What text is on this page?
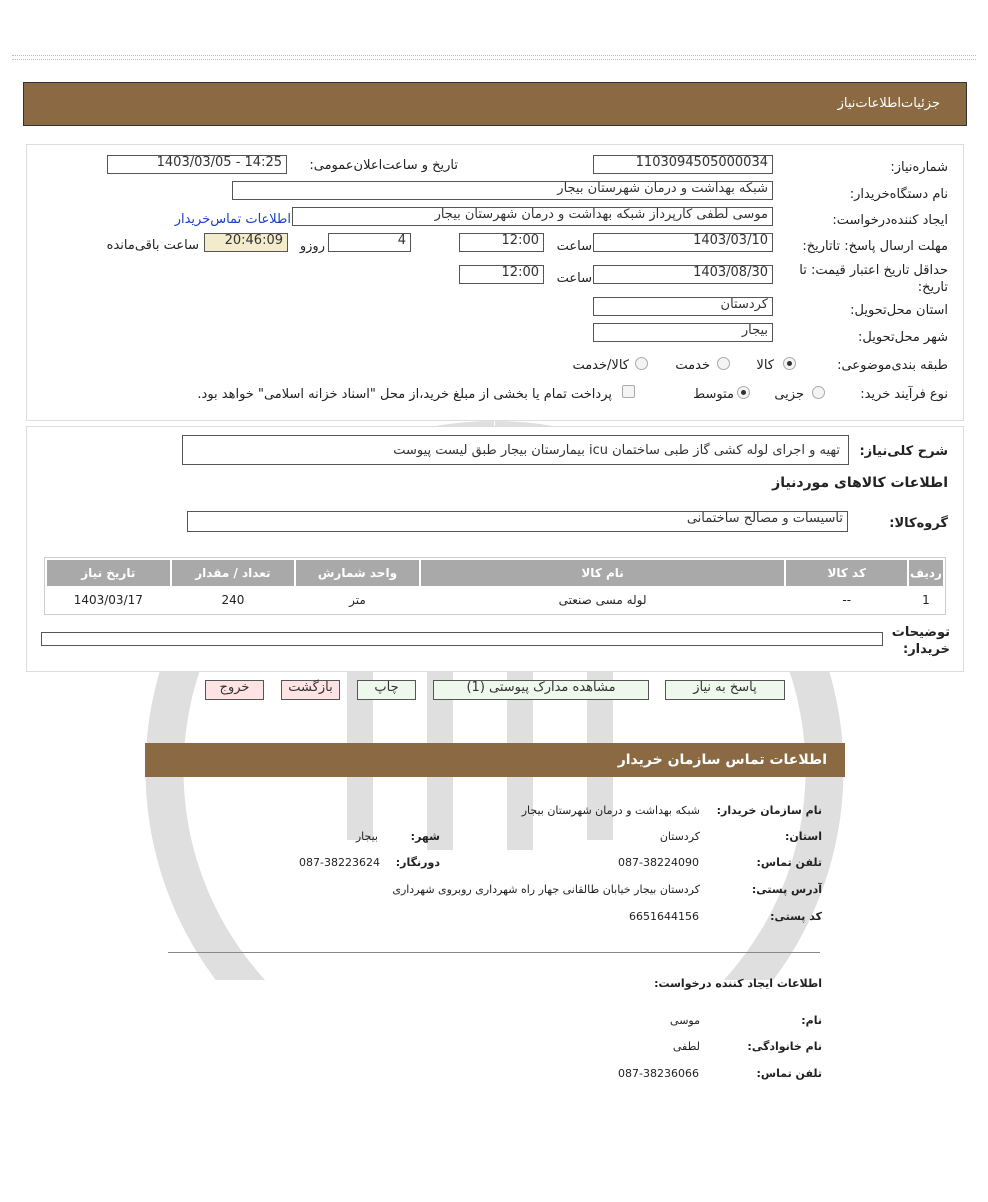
جزئیات‌اطلاعات‌نیاز
شماره‌نیاز:
1103094505000034
تاریخ و ساعت‌اعلان‌عمومی:
1403/03/05 - 14:25
نام دستگاه‌خریدار:
شبکه بهداشت و درمان شهرستان بیجار
ایجاد کننده‌درخواست:
موسی لطفی کارپرداز شبکه بهداشت و درمان شهرستان بیجار
اطلاعات تماس‌خریدار
مهلت ارسال پاسخ: تاتاریخ:
1403/03/10
ساعت
12:00
4
روزو
20:46:09
ساعت باقی‌مانده
حداقل تاریخ اعتبار قیمت: تا تاریخ:
1403/08/30
ساعت
12:00
استان محل‌تحویل:
کردستان
شهر محل‌تحویل:
بیجار
طبقه بندی‌موضوعی:
کالا
خدمت
کالا/خدمت
نوع فرآیند خرید:
جزیی
متوسط
پرداخت تمام یا بخشی از مبلغ خرید،از محل "اسناد خزانه اسلامی" خواهد بود.
شرح کلی‌نیاز:
تهیه و اجرای لوله کشی گاز طبی ساختمان icu بیمارستان بیجار طبق لیست پیوست
اطلاعات کالاهای موردنیاز
گروه‌کالا:
تاسیسات و مصالح ساختمانی
ردیف	کد کالا	نام کالا	واحد شمارش	تعداد / مقدار	تاریخ نیاز
1	--	لوله مسی صنعتی	متر	240	1403/03/17
توضیحات خریدار:
پاسخ به نیاز
مشاهده مدارک پیوستی (1)
چاپ
بازگشت
خروج
اطلاعات تماس سازمان خریدار
نام سازمان خریدار:
شبکه بهداشت و درمان شهرستان بیجار
استان:
کردستان
شهر:
بیجار
تلفن تماس:
087-38224090
دورنگار:
087-38223624
آدرس پستی:
کردستان بیجار خیابان طالقانی جهار راه شهرداری روبروی شهرداری
کد پستی:
6651644156
اطلاعات ایجاد کننده درخواست:
نام:
موسی
نام خانوادگی:
لطفی
تلفن تماس:
087-38236066
